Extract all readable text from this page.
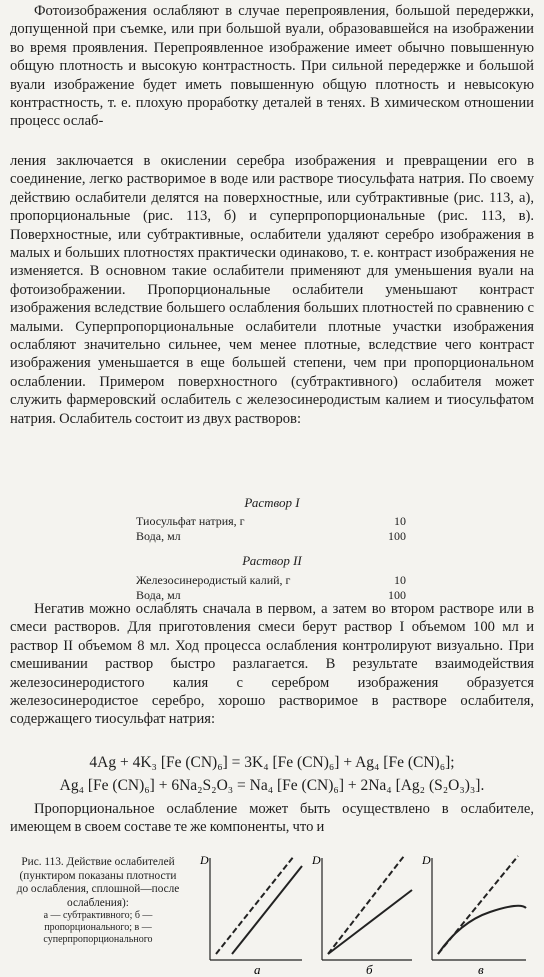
Фотоизображения ослабляют в случае перепроявления, большой передержки, допущенной при съемке, или при большой вуали, образовавшейся на изображении во время проявления. Перепроявленное изображение имеет обычно повышенную общую плотность и высокую контрастность. При сильной передержке и большой вуали изображение будет иметь повышенную общую плотность и невысокую контрастность, т. е. плохую проработку деталей в тенях. В химическом отношении процесс ослаб-

ления заключается в окислении серебра изображения и превращении его в соединение, легко растворимое в воде или растворе тиосульфата натрия. По своему действию ослабители делятся на поверхностные, или субтрактивные (рис. 113, а), пропорциональные (рис. 113, б) и суперпропорциональные (рис. 113, в). Поверхностные, или субтрактивные, ослабители удаляют серебро изображения в малых и больших плотностях практически одинаково, т. е. контраст изображения не изменяется. В основном такие ослабители применяют для уменьшения вуали на фотоизображении. Пропорциональные ослабители уменьшают контраст изображения вследствие большего ослабления больших плотностей по сравнению с малыми. Суперпропорциональные ослабители плотные участки изображения ослабляют значительно сильнее, чем менее плотные, вследствие чего контраст изображения уменьшается в еще большей степени, чем при пропорциональном ослаблении. Примером поверхностного (субтрактивного) ослабителя может служить фармеровский ослабитель с железосинеродистым калием и тиосульфатом натрия. Ослабитель состоит из двух растворов:

Раствор I
Тиосульфат натрия, г	10
Вода, мл	100
Раствор II
Железосинеродистый калий, г	10
Вода, мл	100

Негатив можно ослаблять сначала в первом, а затем во втором растворе или в смеси растворов. Для приготовления смеси берут раствор I объемом 100 мл и раствор II объемом 8 мл. Ход процесса ослабления контролируют визуально. При смешивании раствор быстро разлагается. В результате взаимодействия железосинеродистого калия с серебром изображения образуется железосинеродистое серебро, хорошо растворимое в растворе ослабителя, содержащего тиосульфат натрия:

4Ag + 4K₃ [Fe (CN)₆] = 3K₄ [Fe (CN)₆] + Ag₄ [Fe (CN)₆];
Ag₄ [Fe (CN)₆] + 6Na₂S₂O₃ = Na₄ [Fe (CN)₆] + 2Na₄ [Ag₂ (S₂O₃)₃].

Пропорциональное ослабление может быть осуществлено в ослабителе, имеющем в своем составе те же компоненты, что и

Рис. 113. Действие ослабителей (пунктиром показаны плотности до ослабления, сплошной—после ослабления):
а — субтрактивного; б — пропорционального; в — суперпропорционального
D
а
D
б
D
в
